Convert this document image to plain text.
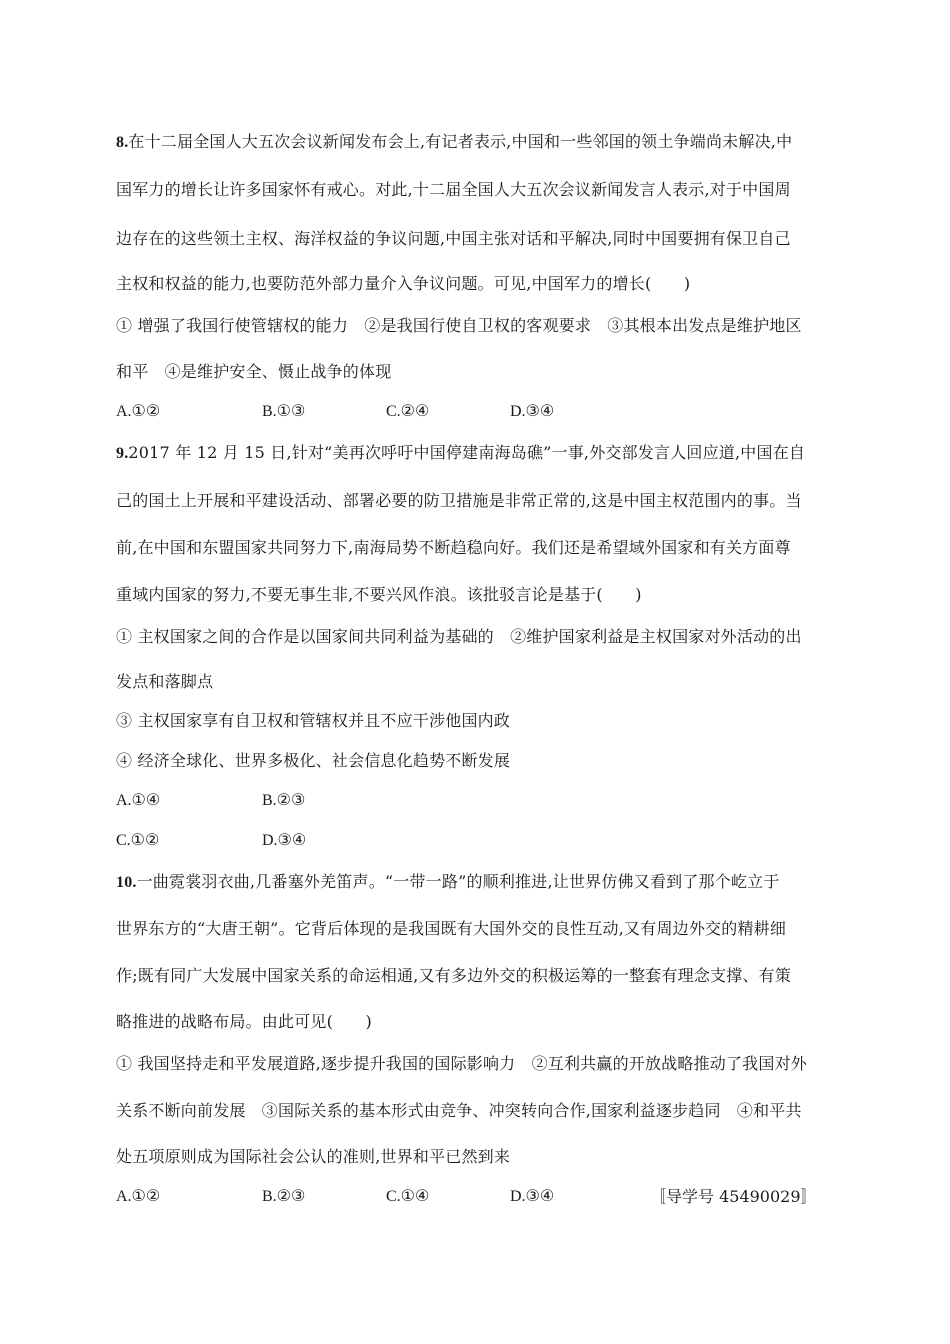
8.在十二届全国人大五次会议新闻发布会上,有记者表示,中国和一些邻国的领土争端尚未解决,中
国军力的增长让许多国家怀有戒心。对此,十二届全国人大五次会议新闻发言人表示,对于中国周
边存在的这些领土主权、海洋权益的争议问题,中国主张对话和平解决,同时中国要拥有保卫自己
主权和权益的能力,也要防范外部力量介入争议问题。可见,中国军力的增长(　　)
① 增强了我国行使管辖权的能力　②是我国行使自卫权的客观要求　③其根本出发点是维护地区
和平　④是维护安全、慑止战争的体现
A.①②	B.①③	C.②④	D.③④
9.2017 年 12 月 15 日,针对“美再次呼吁中国停建南海岛礁”一事,外交部发言人回应道,中国在自
己的国土上开展和平建设活动、部署必要的防卫措施是非常正常的,这是中国主权范围内的事。当
前,在中国和东盟国家共同努力下,南海局势不断趋稳向好。我们还是希望域外国家和有关方面尊
重域内国家的努力,不要无事生非,不要兴风作浪。该批驳言论是基于(　　)
① 主权国家之间的合作是以国家间共同利益为基础的　②维护国家利益是主权国家对外活动的出
发点和落脚点
③ 主权国家享有自卫权和管辖权并且不应干涉他国内政
④ 经济全球化、世界多极化、社会信息化趋势不断发展
A.①④	B.②③
C.①②	D.③④
10.一曲霓裳羽衣曲,几番塞外羌笛声。“一带一路”的顺利推进,让世界仿佛又看到了那个屹立于
世界东方的“大唐王朝”。它背后体现的是我国既有大国外交的良性互动,又有周边外交的精耕细
作;既有同广大发展中国家关系的命运相通,又有多边外交的积极运筹的一整套有理念支撑、有策
略推进的战略布局。由此可见(　　)
① 我国坚持走和平发展道路,逐步提升我国的国际影响力　②互利共赢的开放战略推动了我国对外
关系不断向前发展　③国际关系的基本形式由竞争、冲突转向合作,国家利益逐步趋同　④和平共
处五项原则成为国际社会公认的准则,世界和平已然到来
A.①②	B.②③	C.①④	D.③④	〚导学号 45490029〛
